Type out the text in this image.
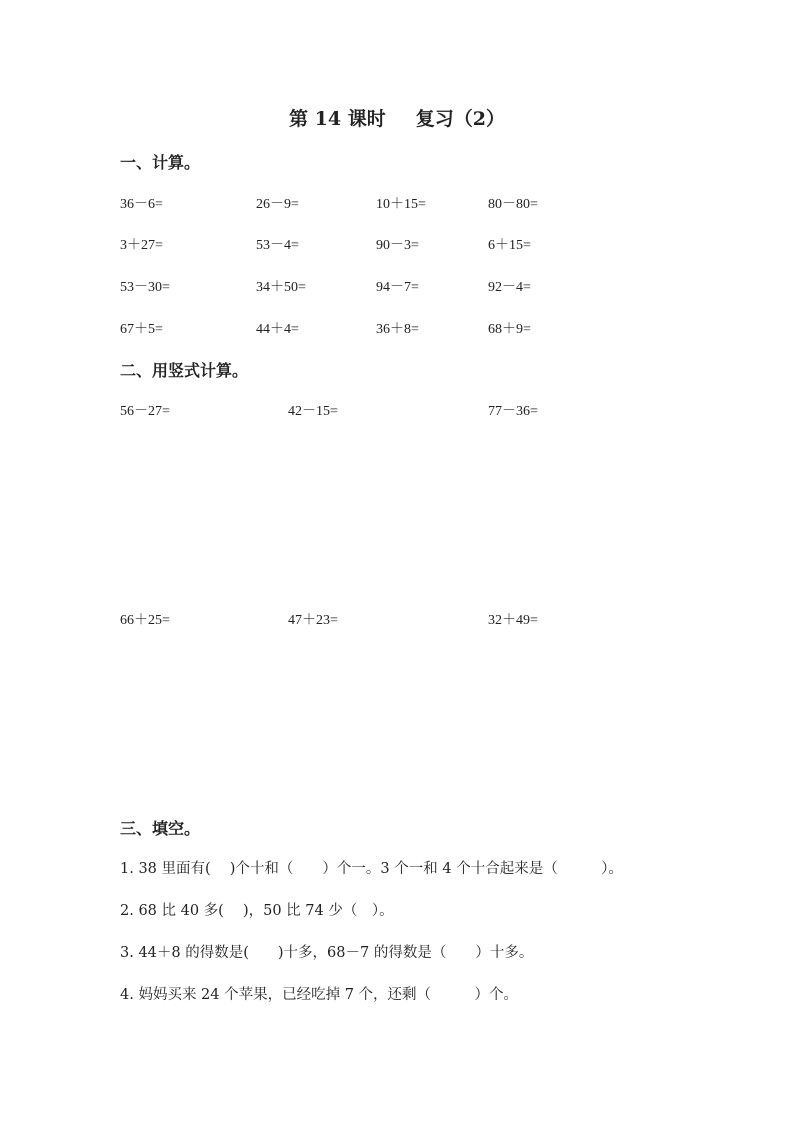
第 14 课时 复习（2）
一、计算。
36－6=	26－9=	10＋15=	80－80=
3＋27=	53－4=	90－3=	6＋15=
53－30=	34＋50=	94－7=	92－4=
67＋5=	44＋4=	36＋8=	68＋9=
二、用竖式计算。
56－27=	42－15=	77－36=
66＋25=	47＋23=	32＋49=
三、填空。
1. 38 里面有(　 )个十和（　　）个一。3 个一和 4 个十合起来是（　　　）。
2. 68 比 40 多(　 )，50 比 74 少（　）。
3. 44＋8 的得数是(　　)十多，68－7 的得数是（　　）十多。
4. 妈妈买来 24 个苹果，已经吃掉 7 个，还剩（　　　）个。
